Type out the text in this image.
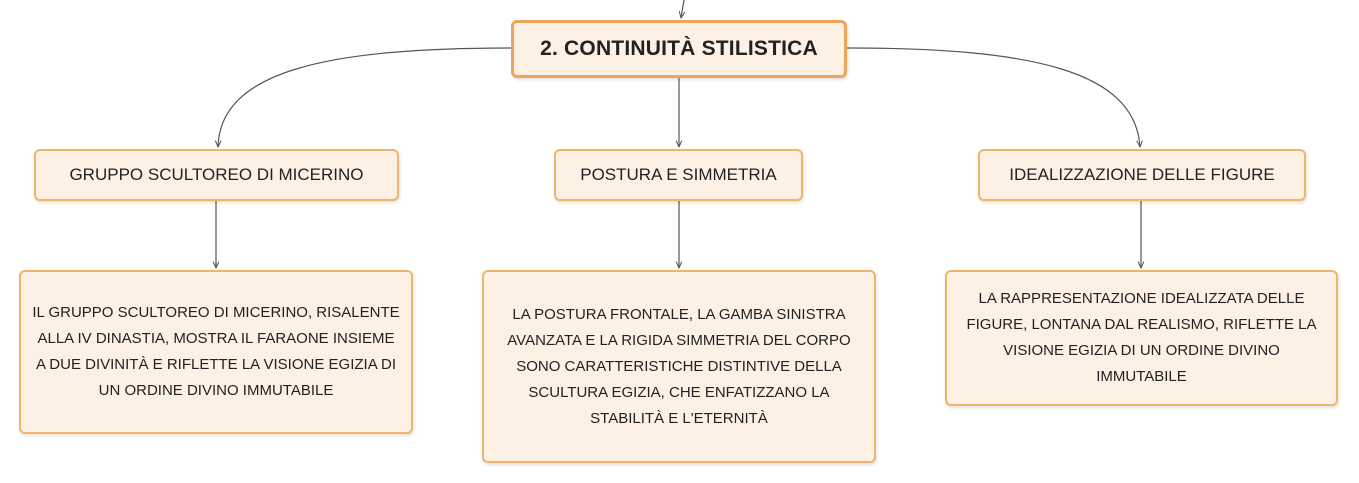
2. CONTINUITÀ STILISTICA
GRUPPO SCULTOREO DI MICERINO	POSTURA E SIMMETRIA	IDEALIZZAZIONE DELLE FIGURE
IL GRUPPO SCULTOREO DI MICERINO, RISALENTE ALLA IV DINASTIA, MOSTRA IL FARAONE INSIEME A DUE DIVINITÀ E RIFLETTE LA VISIONE EGIZIA DI UN ORDINE DIVINO IMMUTABILE
LA POSTURA FRONTALE, LA GAMBA SINISTRA AVANZATA E LA RIGIDA SIMMETRIA DEL CORPO SONO CARATTERISTICHE DISTINTIVE DELLA SCULTURA EGIZIA, CHE ENFATIZZANO LA STABILITÀ E L'ETERNITÀ
LA RAPPRESENTAZIONE IDEALIZZATA DELLE FIGURE, LONTANA DAL REALISMO, RIFLETTE LA VISIONE EGIZIA DI UN ORDINE DIVINO IMMUTABILE
